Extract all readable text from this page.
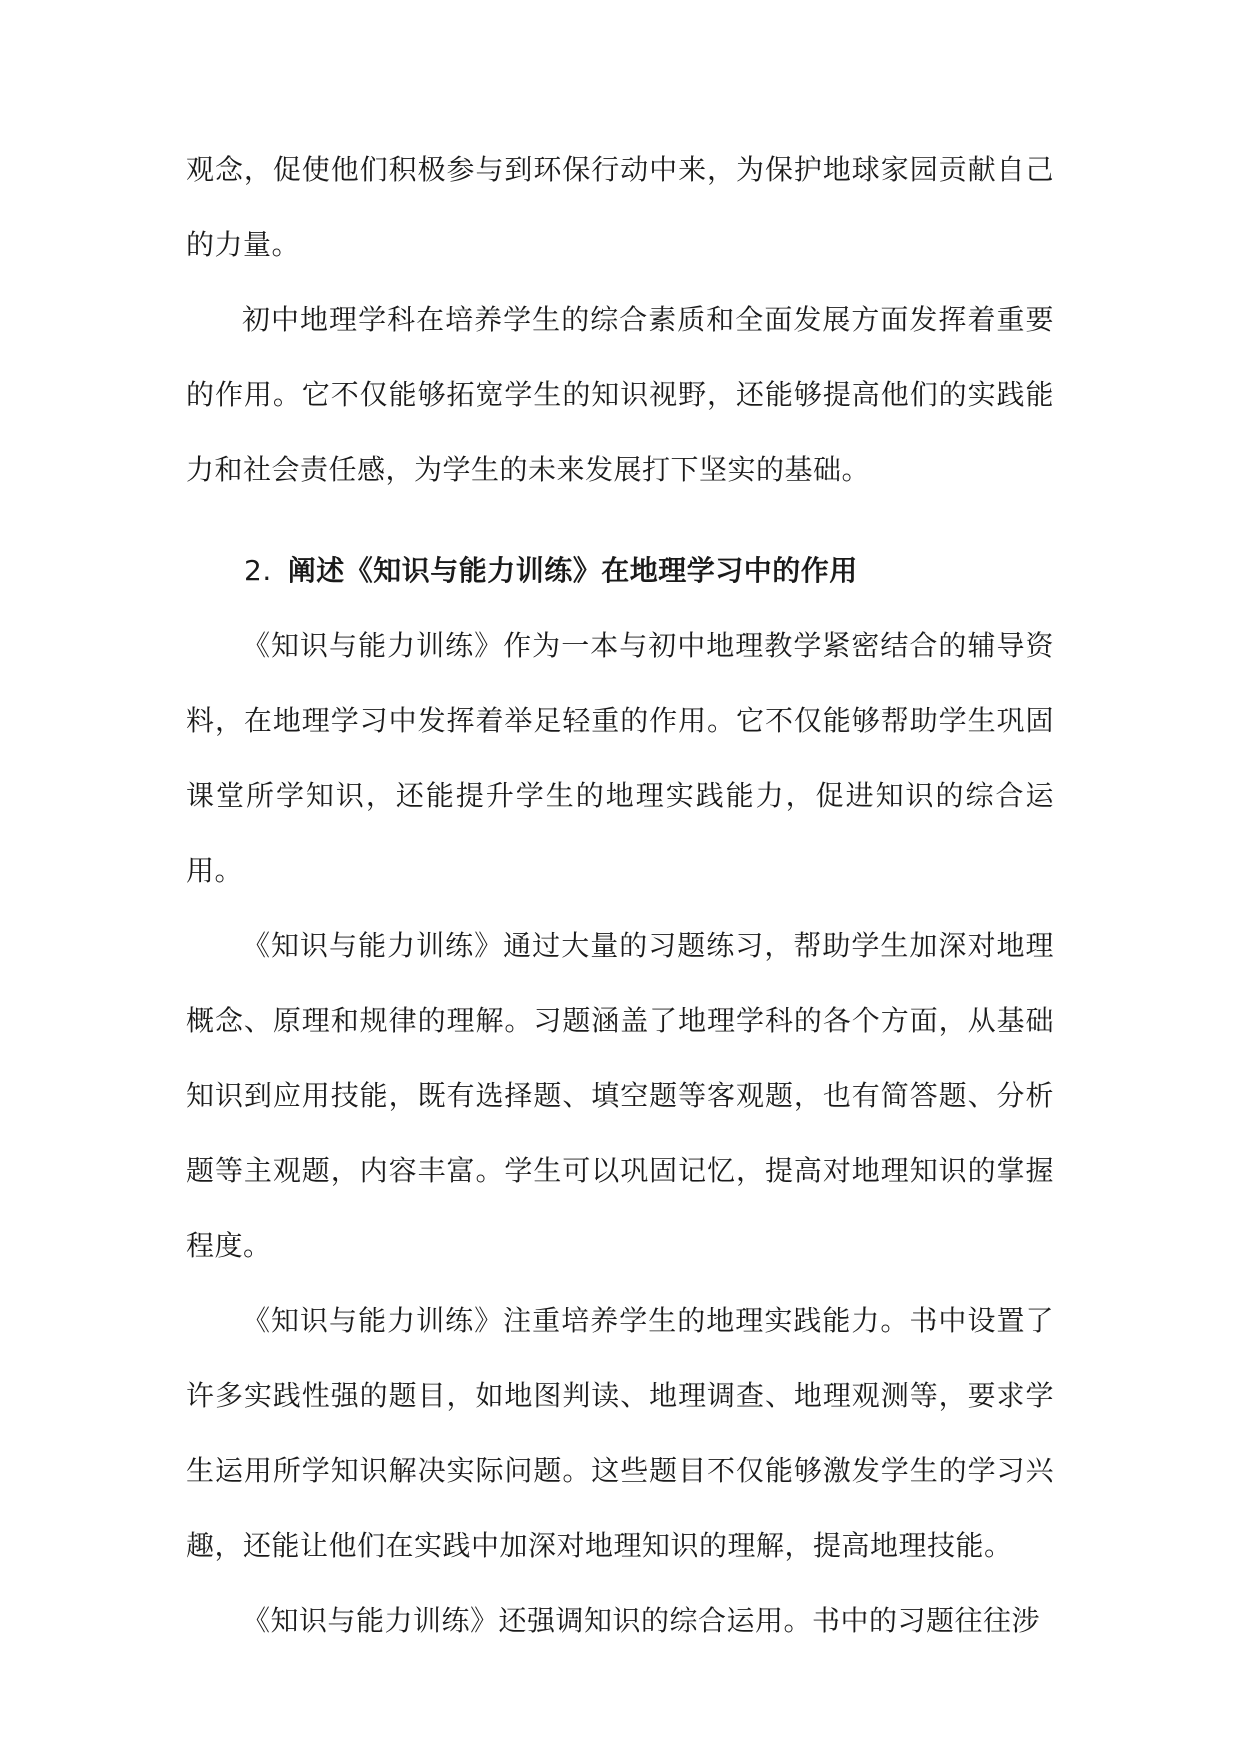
观念，促使他们积极参与到环保行动中来，为保护地球家园贡献自己的力量。

初中地理学科在培养学生的综合素质和全面发展方面发挥着重要的作用。它不仅能够拓宽学生的知识视野，还能够提高他们的实践能力和社会责任感，为学生的未来发展打下坚实的基础。

2. 阐述《知识与能力训练》在地理学习中的作用

《知识与能力训练》作为一本与初中地理教学紧密结合的辅导资料，在地理学习中发挥着举足轻重的作用。它不仅能够帮助学生巩固课堂所学知识，还能提升学生的地理实践能力，促进知识的综合运用。

《知识与能力训练》通过大量的习题练习，帮助学生加深对地理概念、原理和规律的理解。习题涵盖了地理学科的各个方面，从基础知识到应用技能，既有选择题、填空题等客观题，也有简答题、分析题等主观题，内容丰富。学生可以巩固记忆，提高对地理知识的掌握程度。

《知识与能力训练》注重培养学生的地理实践能力。书中设置了许多实践性强的题目，如地图判读、地理调查、地理观测等，要求学生运用所学知识解决实际问题。这些题目不仅能够激发学生的学习兴趣，还能让他们在实践中加深对地理知识的理解，提高地理技能。

《知识与能力训练》还强调知识的综合运用。书中的习题往往涉
